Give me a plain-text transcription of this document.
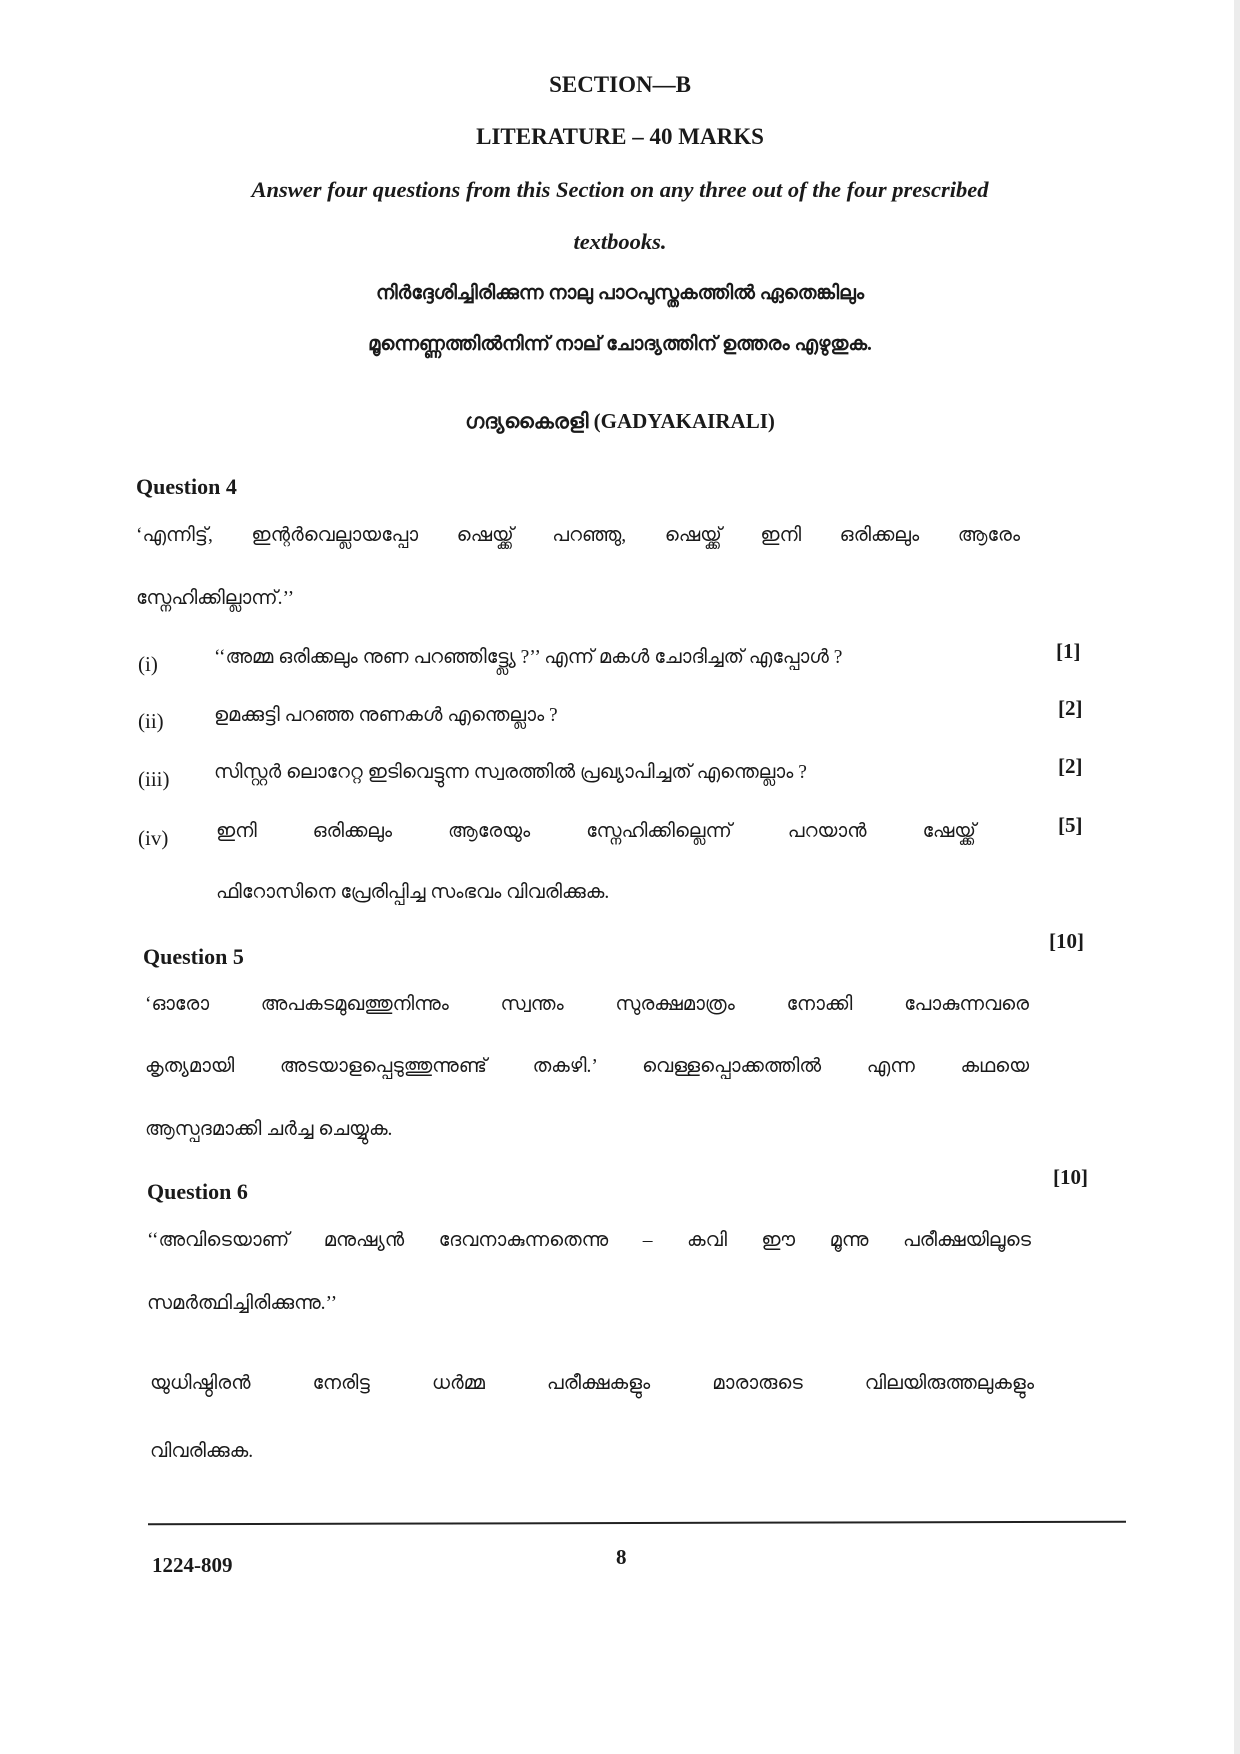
SECTION—B
LITERATURE – 40 MARKS
Answer four questions from this Section on any three out of the four prescribed
textbooks.
നിർദ്ദേശിച്ചിരിക്കുന്ന നാലു പാഠപുസ്തകത്തിൽ ഏതെങ്കിലും
മൂന്നെണ്ണത്തിൽനിന്ന് നാല് ചോദ്യത്തിന് ഉത്തരം എഴുതുക.
ഗദ്യകൈരളി (GADYAKAIRALI)
Question 4
‘എന്നിട്ട്, ഇന്റർവെല്ലായപ്പോ ഷെയ്ക്ക് പറഞ്ഞു, ഷെയ്ക്ക് ഇനി ഒരിക്കലും ആരേം
സ്നേഹിക്കില്ലാന്ന്.’’
(i)	‘‘അമ്മ ഒരിക്കലും നുണ പറഞ്ഞിട്ട്ല്യേ ?’’ എന്ന് മകൾ ചോദിച്ചത് എപ്പോൾ ?	[1]
(ii)	ഉമക്കുട്ടി പറഞ്ഞ നുണകൾ എന്തെല്ലാം ?	[2]
(iii) സിസ്റ്റർ ലൊറേറ്റ ഇടിവെട്ടുന്ന സ്വരത്തിൽ പ്രഖ്യാപിച്ചത് എന്തെല്ലാം ?	[2]
(iv) ഇനി ഒരിക്കലും ആരേയും സ്നേഹിക്കില്ലെന്ന് പറയാൻ ഷേയ്ക്ക്	[5]
ഫിറോസിനെ പ്രേരിപ്പിച്ച സംഭവം വിവരിക്കുക.
Question 5
[10]
‘ഓരോ അപകടമുഖത്തുനിന്നും സ്വന്തം സുരക്ഷമാത്രം നോക്കി പോകുന്നവരെ
കൃത്യമായി അടയാളപ്പെടുത്തുന്നുണ്ട് തകഴി.’ വെള്ളപ്പൊക്കത്തിൽ എന്ന കഥയെ
ആസ്പദമാക്കി ചർച്ച ചെയ്യുക.
Question 6
[10]
‘‘അവിടെയാണ് മനുഷ്യൻ ദേവനാകുന്നതെന്നു – കവി ഈ മൂന്നു പരീക്ഷയിലൂടെ
സമർത്ഥിച്ചിരിക്കുന്നു.’’
യുധിഷ്ഠിരൻ നേരിട്ട ധർമ്മ പരീക്ഷകളും മാരാരുടെ വിലയിരുത്തലുകളും
വിവരിക്കുക.
1224-809	8
